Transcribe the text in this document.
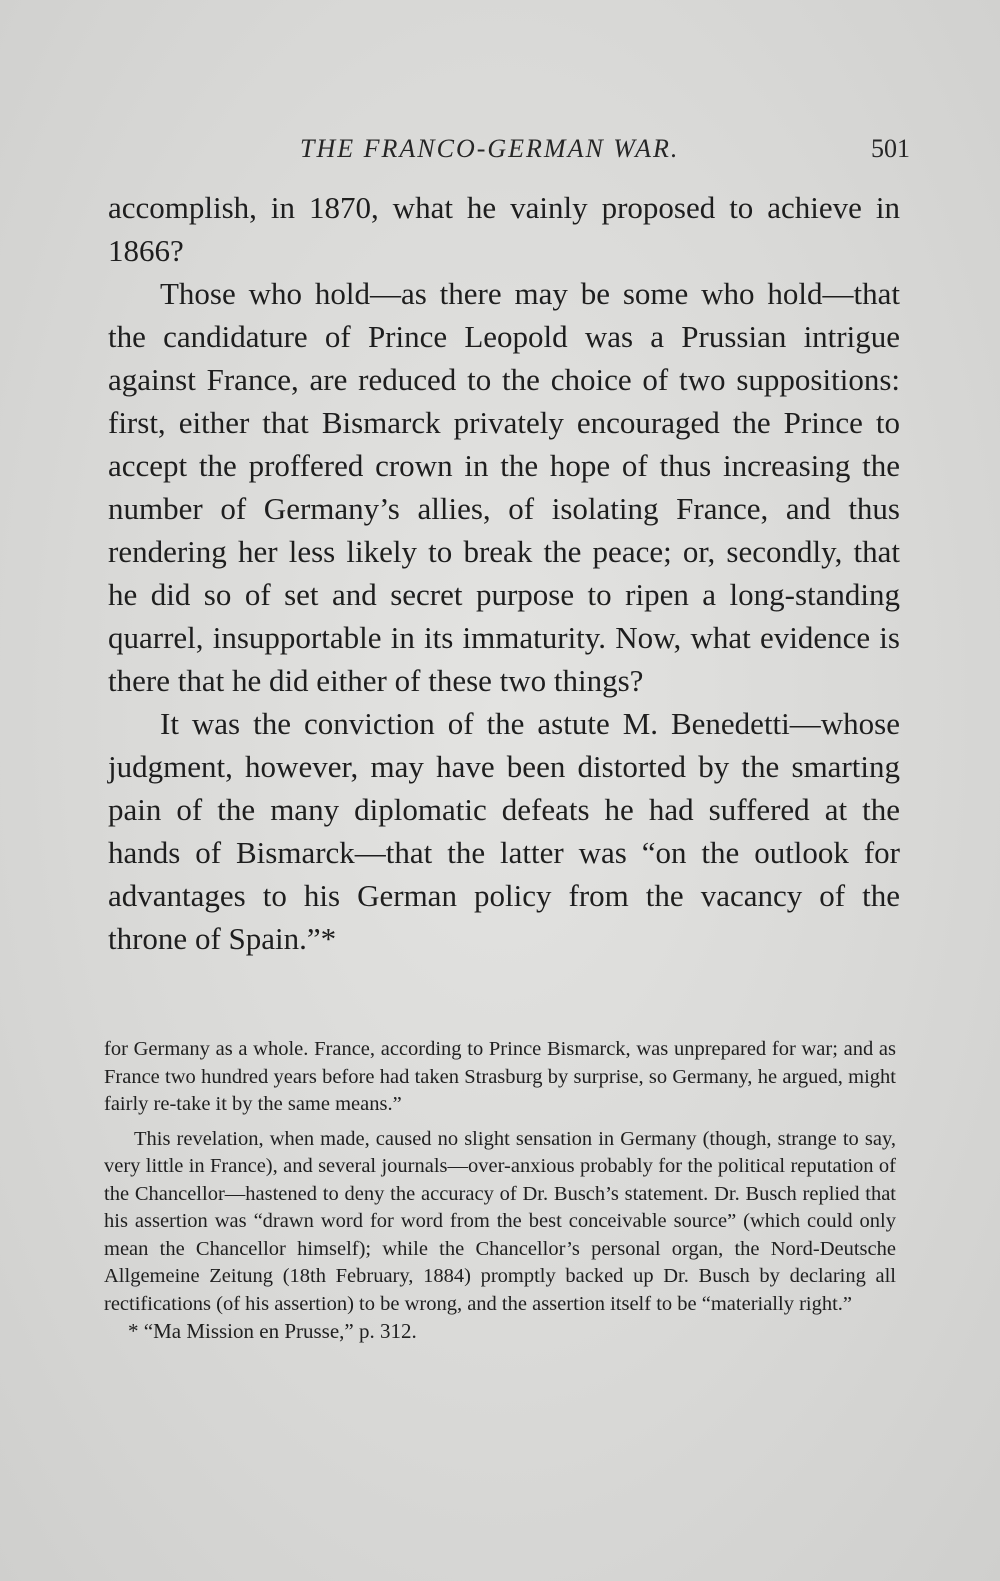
THE FRANCO-GERMAN WAR.	501

accomplish, in 1870, what he vainly proposed to achieve in 1866?

Those who hold—as there may be some who hold—that the candidature of Prince Leopold was a Prussian intrigue against France, are reduced to the choice of two suppositions: first, either that Bismarck privately encouraged the Prince to accept the proffered crown in the hope of thus increasing the number of Germany’s allies, of isolating France, and thus rendering her less likely to break the peace; or, secondly, that he did so of set and secret purpose to ripen a long-standing quarrel, insupportable in its immaturity. Now, what evidence is there that he did either of these two things?

It was the conviction of the astute M. Benedetti—whose judgment, however, may have been distorted by the smarting pain of the many diplomatic defeats he had suffered at the hands of Bismarck—that the latter was “on the outlook for advantages to his German policy from the vacancy of the throne of Spain.”*

for Germany as a whole. France, according to Prince Bismarck, was unprepared for war; and as France two hundred years before had taken Strasburg by surprise, so Germany, he argued, might fairly re-take it by the same means.”

This revelation, when made, caused no slight sensation in Germany (though, strange to say, very little in France), and several journals—over-anxious probably for the political reputation of the Chancellor—hastened to deny the accuracy of Dr. Busch’s statement. Dr. Busch replied that his assertion was “drawn word for word from the best conceivable source” (which could only mean the Chancellor himself); while the Chancellor’s personal organ, the Nord-Deutsche Allgemeine Zeitung (18th February, 1884) promptly backed up Dr. Busch by declaring all rectifications (of his assertion) to be wrong, and the assertion itself to be “materially right.”

* “Ma Mission en Prusse,” p. 312.
